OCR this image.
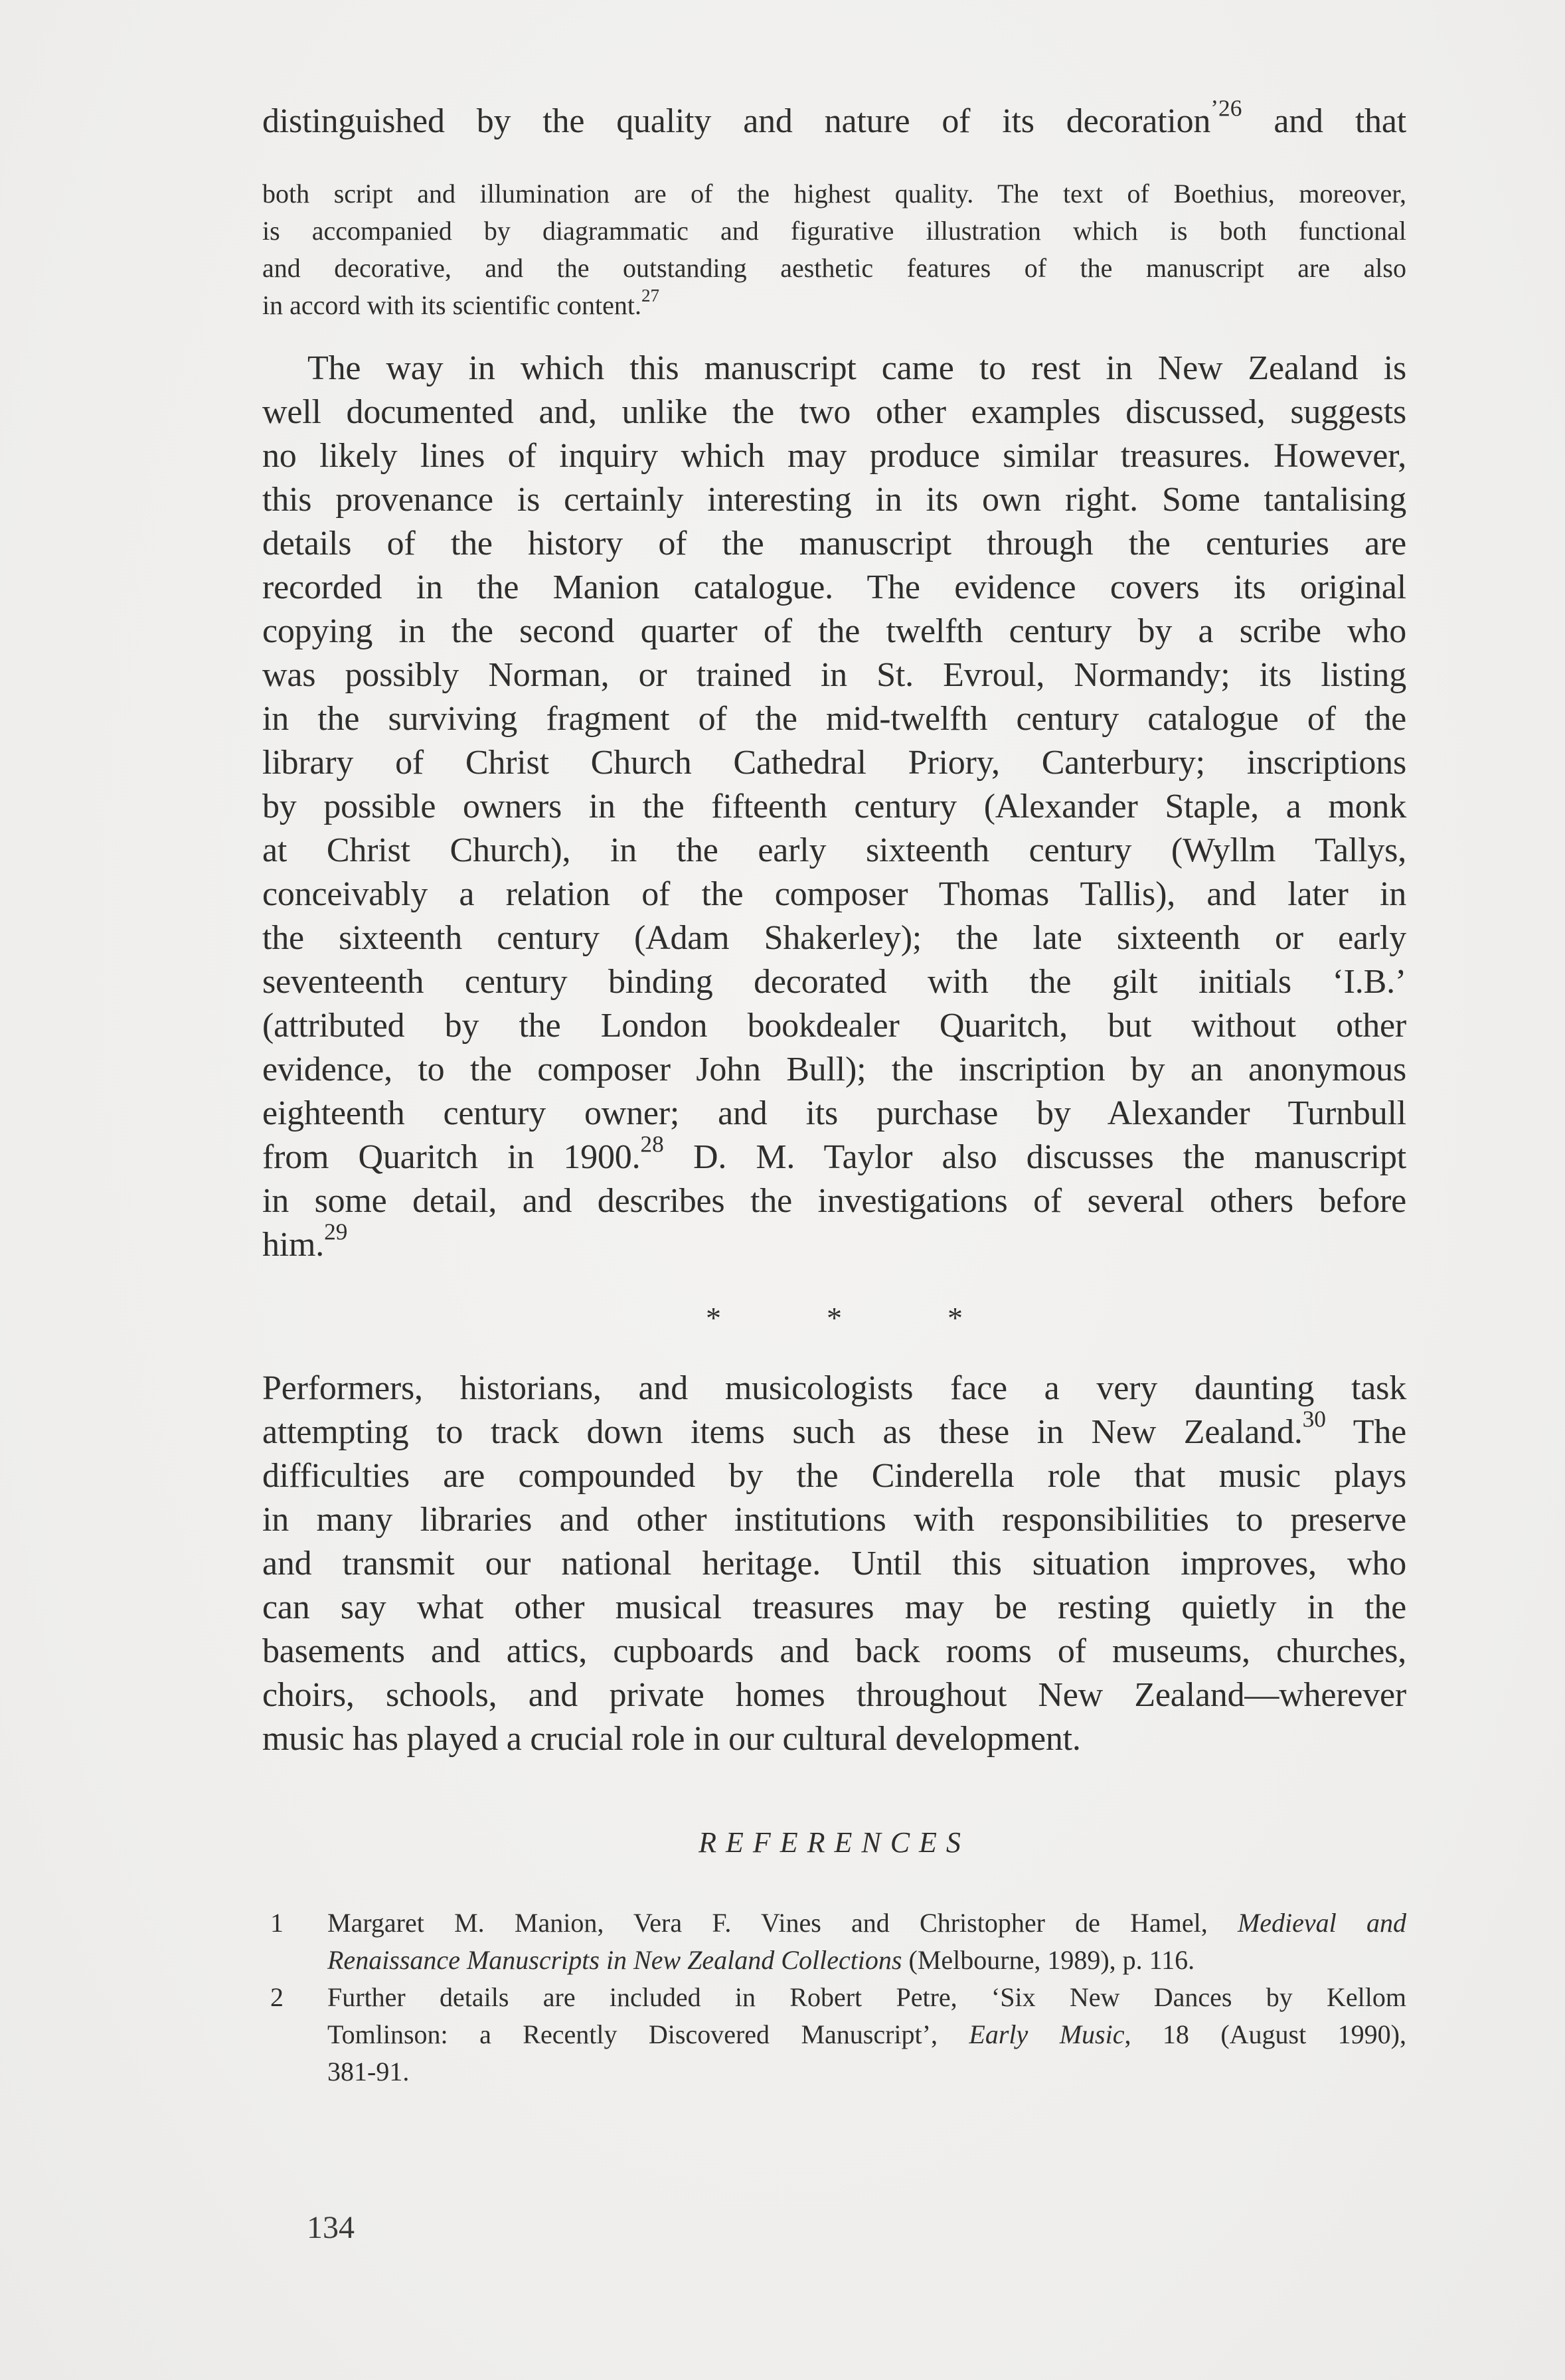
distinguished by the quality and nature of its decoration$^{’26}$ and that
both script and illumination are of the highest quality. The text of Boethius, moreover,
is accompanied by diagrammatic and figurative illustration which is both functional
and decorative, and the outstanding aesthetic features of the manuscript are also
in accord with its scientific content.$^{27}$
The way in which this manuscript came to rest in New Zealand is
well documented and, unlike the two other examples discussed, suggests
no likely lines of inquiry which may produce similar treasures. However,
this provenance is certainly interesting in its own right. Some tantalising
details of the history of the manuscript through the centuries are
recorded in the Manion catalogue. The evidence covers its original
copying in the second quarter of the twelfth century by a scribe who
was possibly Norman, or trained in St. Evroul, Normandy; its listing
in the surviving fragment of the mid-twelfth century catalogue of the
library of Christ Church Cathedral Priory, Canterbury; inscriptions
by possible owners in the fifteenth century (Alexander Staple, a monk
at Christ Church), in the early sixteenth century (Wyllm Tallys,
conceivably a relation of the composer Thomas Tallis), and later in
the sixteenth century (Adam Shakerley); the late sixteenth or early
seventeenth century binding decorated with the gilt initials ‘I.B.’
(attributed by the London bookdealer Quaritch, but without other
evidence, to the composer John Bull); the inscription by an anonymous
eighteenth century owner; and its purchase by Alexander Turnbull
from Quaritch in 1900.28 D. M. Taylor also discusses the manuscript
in some detail, and describes the investigations of several others before
him.$^{29}$
*	*	*
Performers, historians, and musicologists face a very daunting task
attempting to track down items such as these in New Zealand.$^{30}$ The
difficulties are compounded by the Cinderella role that music plays
in many libraries and other institutions with responsibilities to preserve
and transmit our national heritage. Until this situation improves, who
can say what other musical treasures may be resting quietly in the
basements and attics, cupboards and back rooms of museums, churches,
choirs, schools, and private homes throughout New Zealand—wherever
music has played a crucial role in our cultural development.
REFERENCES
1 Margaret M. Manion, Vera F. Vines and Christopher de Hamel, Medieval and
Renaissance Manuscripts in New Zealand Collections (Melbourne, 1989), p. 116.
2 Further details are included in Robert Petre, ‘Six New Dances by Kellom
Tomlinson: a Recently Discovered Manuscript’, Early Music, 18 (August 1990),
381-91.
134
